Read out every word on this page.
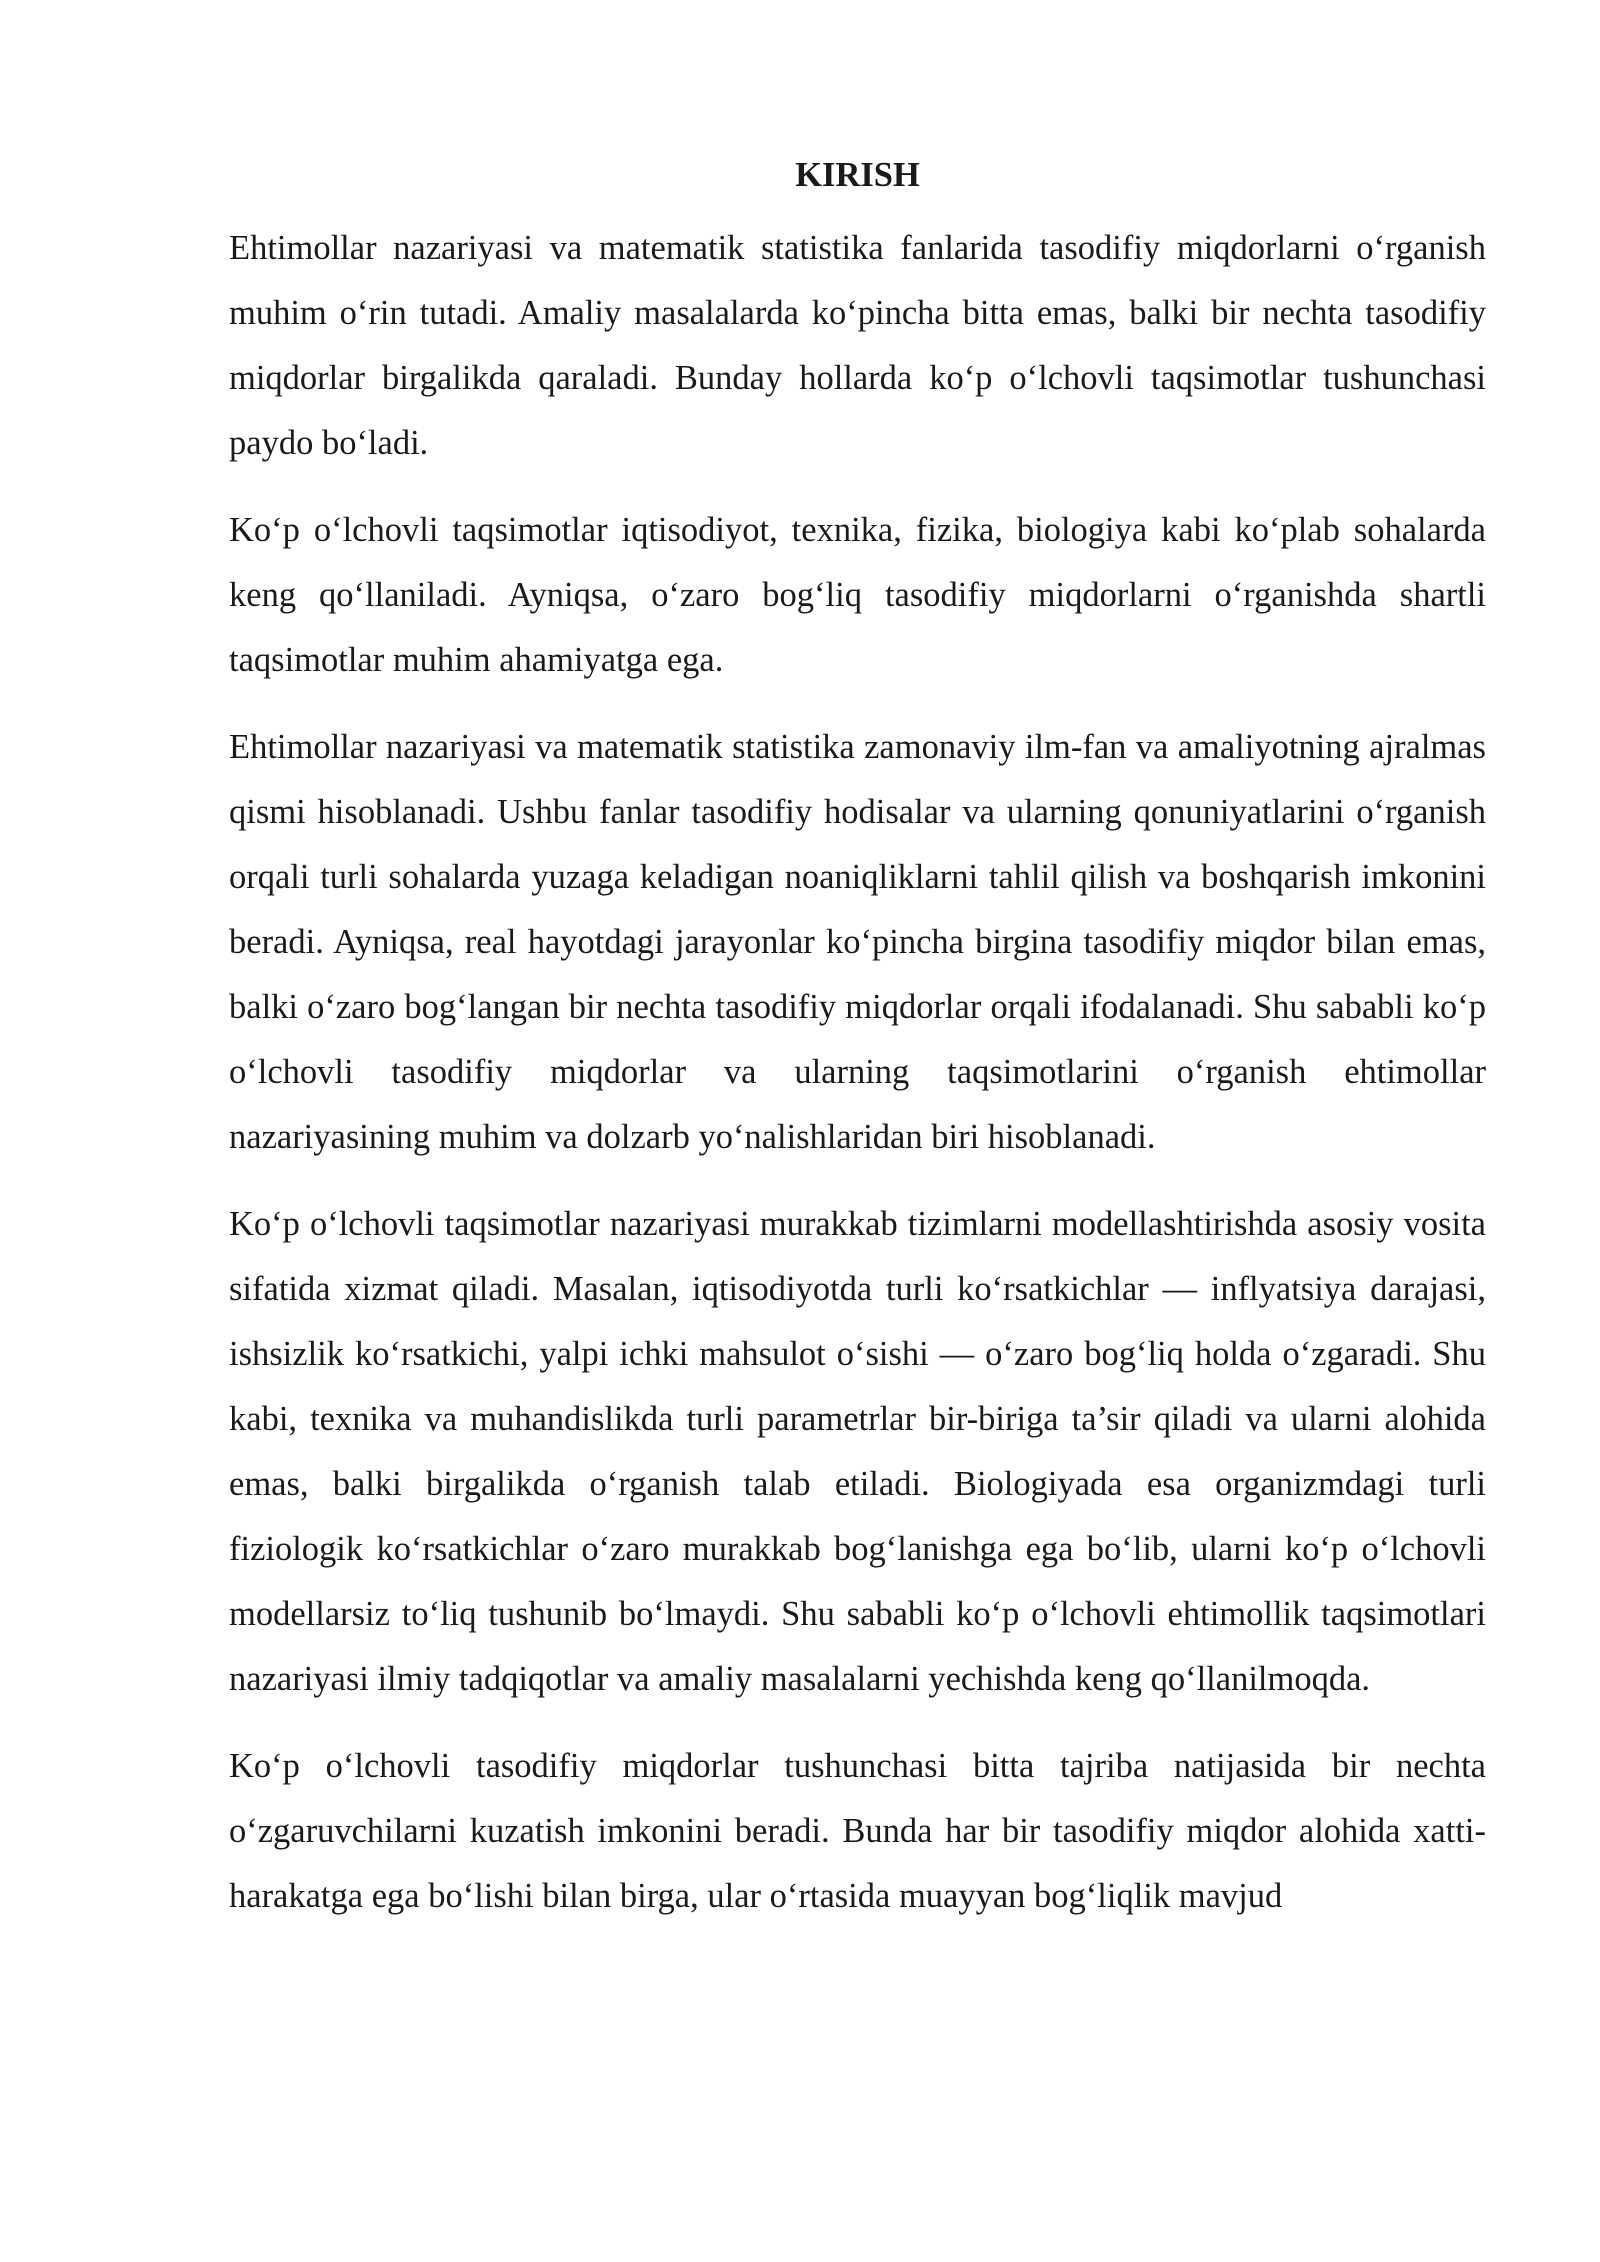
KIRISH

Ehtimollar nazariyasi va matematik statistika fanlarida tasodifiy miqdorlarni o‘rganish muhim o‘rin tutadi. Amaliy masalalarda ko‘pincha bitta emas, balki bir nechta tasodifiy miqdorlar birgalikda qaraladi. Bunday hollarda ko‘p o‘lchovli taqsimotlar tushunchasi paydo bo‘ladi.

Ko‘p o‘lchovli taqsimotlar iqtisodiyot, texnika, fizika, biologiya kabi ko‘plab sohalarda keng qo‘llaniladi. Ayniqsa, o‘zaro bog‘liq tasodifiy miqdorlarni o‘rganishda shartli taqsimotlar muhim ahamiyatga ega.

Ehtimollar nazariyasi va matematik statistika zamonaviy ilm-fan va amaliyotning ajralmas qismi hisoblanadi. Ushbu fanlar tasodifiy hodisalar va ularning qonuniyatlarini o‘rganish orqali turli sohalarda yuzaga keladigan noaniqliklarni tahlil qilish va boshqarish imkonini beradi. Ayniqsa, real hayotdagi jarayonlar ko‘pincha birgina tasodifiy miqdor bilan emas, balki o‘zaro bog‘langan bir nechta tasodifiy miqdorlar orqali ifodalanadi. Shu sababli ko‘p o‘lchovli tasodifiy miqdorlar va ularning taqsimotlarini o‘rganish ehtimollar nazariyasining muhim va dolzarb yo‘nalishlaridan biri hisoblanadi.

Ko‘p o‘lchovli taqsimotlar nazariyasi murakkab tizimlarni modellashtirishda asosiy vosita sifatida xizmat qiladi. Masalan, iqtisodiyotda turli ko‘rsatkichlar — inflyatsiya darajasi, ishsizlik ko‘rsatkichi, yalpi ichki mahsulot o‘sishi — o‘zaro bog‘liq holda o‘zgaradi. Shu kabi, texnika va muhandislikda turli parametrlar bir-biriga ta’sir qiladi va ularni alohida emas, balki birgalikda o‘rganish talab etiladi. Biologiyada esa organizmdagi turli fiziologik ko‘rsatkichlar o‘zaro murakkab bog‘lanishga ega bo‘lib, ularni ko‘p o‘lchovli modellarsiz to‘liq tushunib bo‘lmaydi. Shu sababli ko‘p o‘lchovli ehtimollik taqsimotlari nazariyasi ilmiy tadqiqotlar va amaliy masalalarni yechishda keng qo‘llanilmoqda.

Ko‘p o‘lchovli tasodifiy miqdorlar tushunchasi bitta tajriba natijasida bir nechta o‘zgaruvchilarni kuzatish imkonini beradi. Bunda har bir tasodifiy miqdor alohida xatti-harakatga ega bo‘lishi bilan birga, ular o‘rtasida muayyan bog‘liqlik mavjud
